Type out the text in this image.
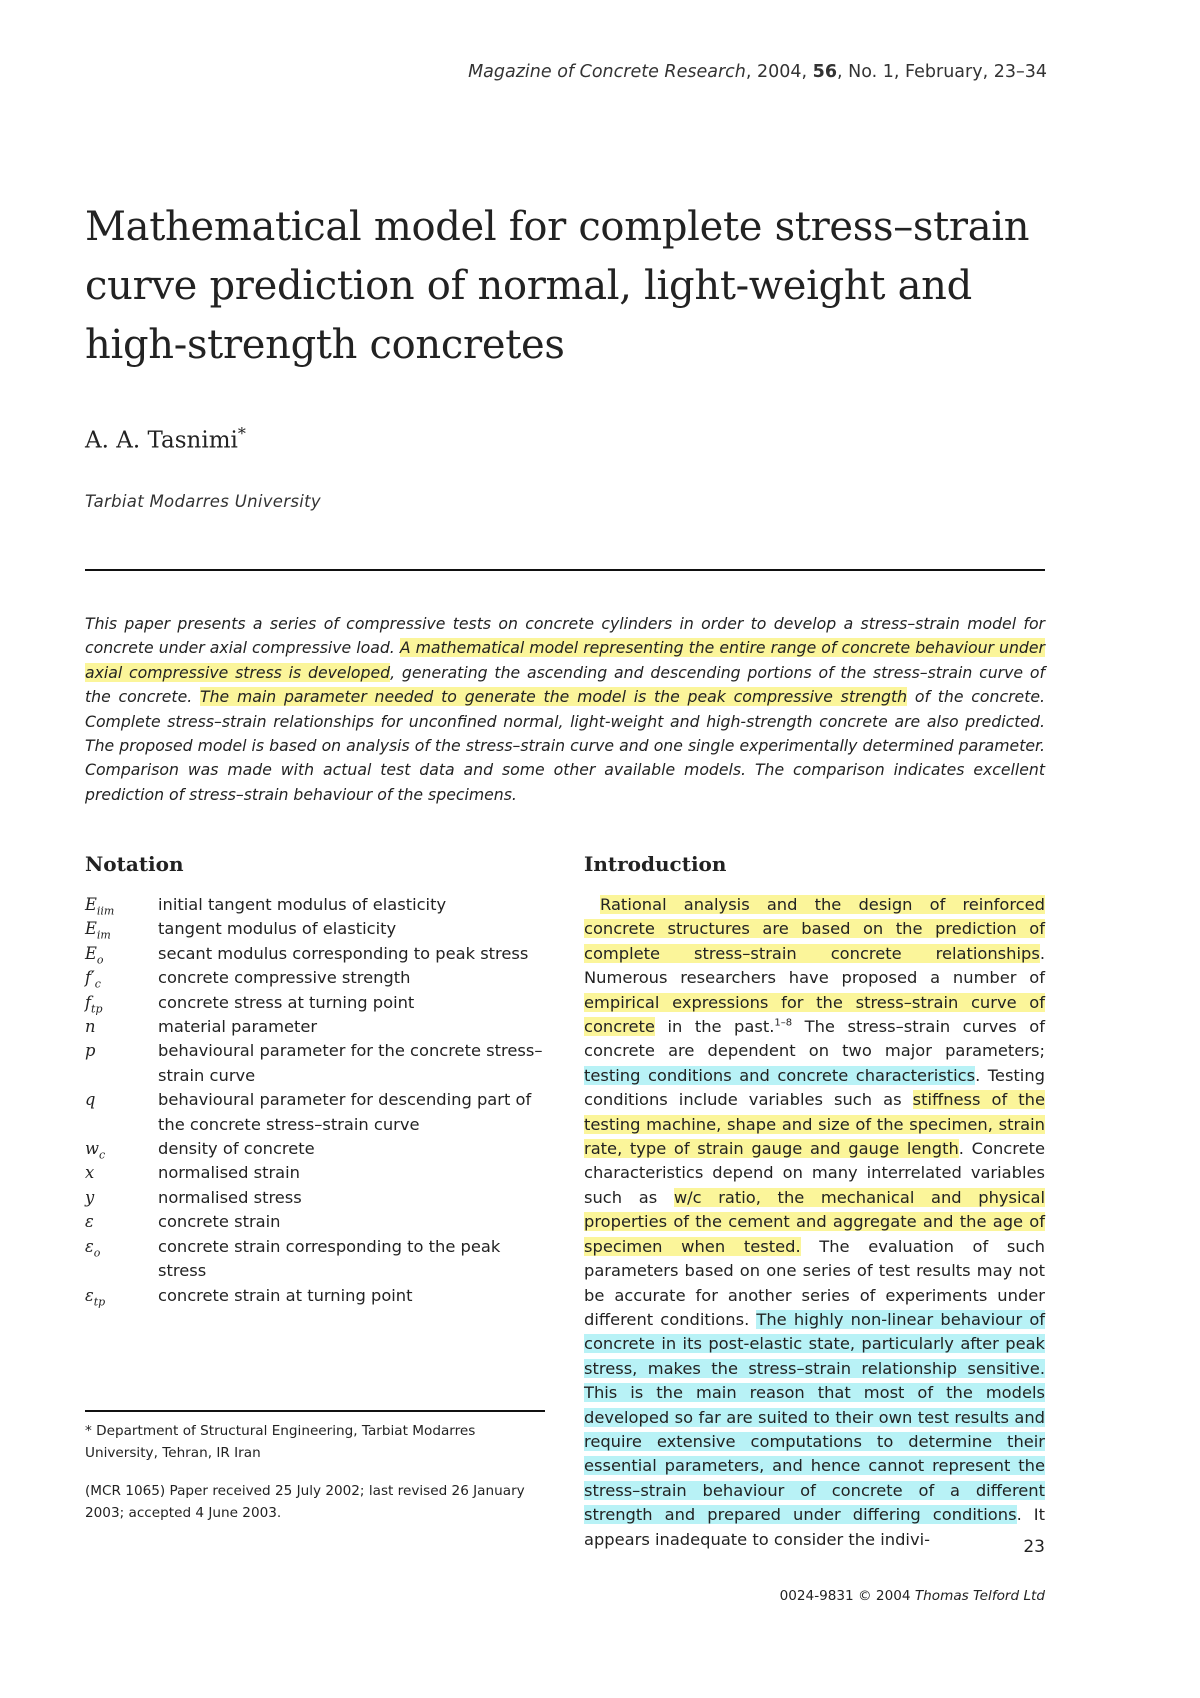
Magazine of Concrete Research, 2004, 56, No. 1, February, 23–34
Mathematical model for complete stress–strain curve prediction of normal, light-weight and high-strength concretes
A. A. Tasnimi*
Tarbiat Modarres University
This paper presents a series of compressive tests on concrete cylinders in order to develop a stress–strain model for concrete under axial compressive load. A mathematical model representing the entire range of concrete behaviour under axial compressive stress is developed, generating the ascending and descending portions of the stress–strain curve of the concrete. The main parameter needed to generate the model is the peak compressive strength of the concrete. Complete stress–strain relationships for unconfined normal, light-weight and high-strength concrete are also predicted. The proposed model is based on analysis of the stress–strain curve and one single experimentally determined parameter. Comparison was made with actual test data and some other available models. The comparison indicates excellent prediction of stress–strain behaviour of the specimens.
Notation	Introduction
$E_{iim}$	initial tangent modulus of elasticity
$E_{im}$	tangent modulus of elasticity
$E_o$	secant modulus corresponding to peak stress
$f'_c$	concrete compressive strength
$f_{tp}$	concrete stress at turning point
n	material parameter
p	behavioural parameter for the concrete stress–strain curve
q	behavioural parameter for descending part of the concrete stress–strain curve
$w_c$	density of concrete
x	normalised strain
y	normalised stress
ε	concrete strain
$\varepsilon_o$	concrete strain corresponding to the peak stress
$\varepsilon_{tp}$	concrete strain at turning point
* Department of Structural Engineering, Tarbiat Modarres University, Tehran, IR Iran
(MCR 1065) Paper received 25 July 2002; last revised 26 January 2003; accepted 4 June 2003.
Rational analysis and the design of reinforced concrete structures are based on the prediction of complete stress–strain concrete relationships. Numerous researchers have proposed a number of empirical expressions for the stress–strain curve of concrete in the past.$^{1-8}$ The stress–strain curves of concrete are dependent on two major parameters; testing conditions and concrete characteristics. Testing conditions include variables such as stiffness of the testing machine, shape and size of the specimen, strain rate, type of strain gauge and gauge length. Concrete characteristics depend on many interrelated variables such as w/c ratio, the mechanical and physical properties of the cement and aggregate and the age of specimen when tested. The evaluation of such parameters based on one series of test results may not be accurate for another series of experiments under different conditions. The highly non-linear behaviour of concrete in its post-elastic state, particularly after peak stress, makes the stress–strain relationship sensitive. This is the main reason that most of the models developed so far are suited to their own test results and require extensive computations to determine their essential parameters, and hence cannot represent the stress–strain behaviour of concrete of a different strength and prepared under differing conditions. It appears inadequate to consider the indivi-	23
0024-9831 © 2004 Thomas Telford Ltd
